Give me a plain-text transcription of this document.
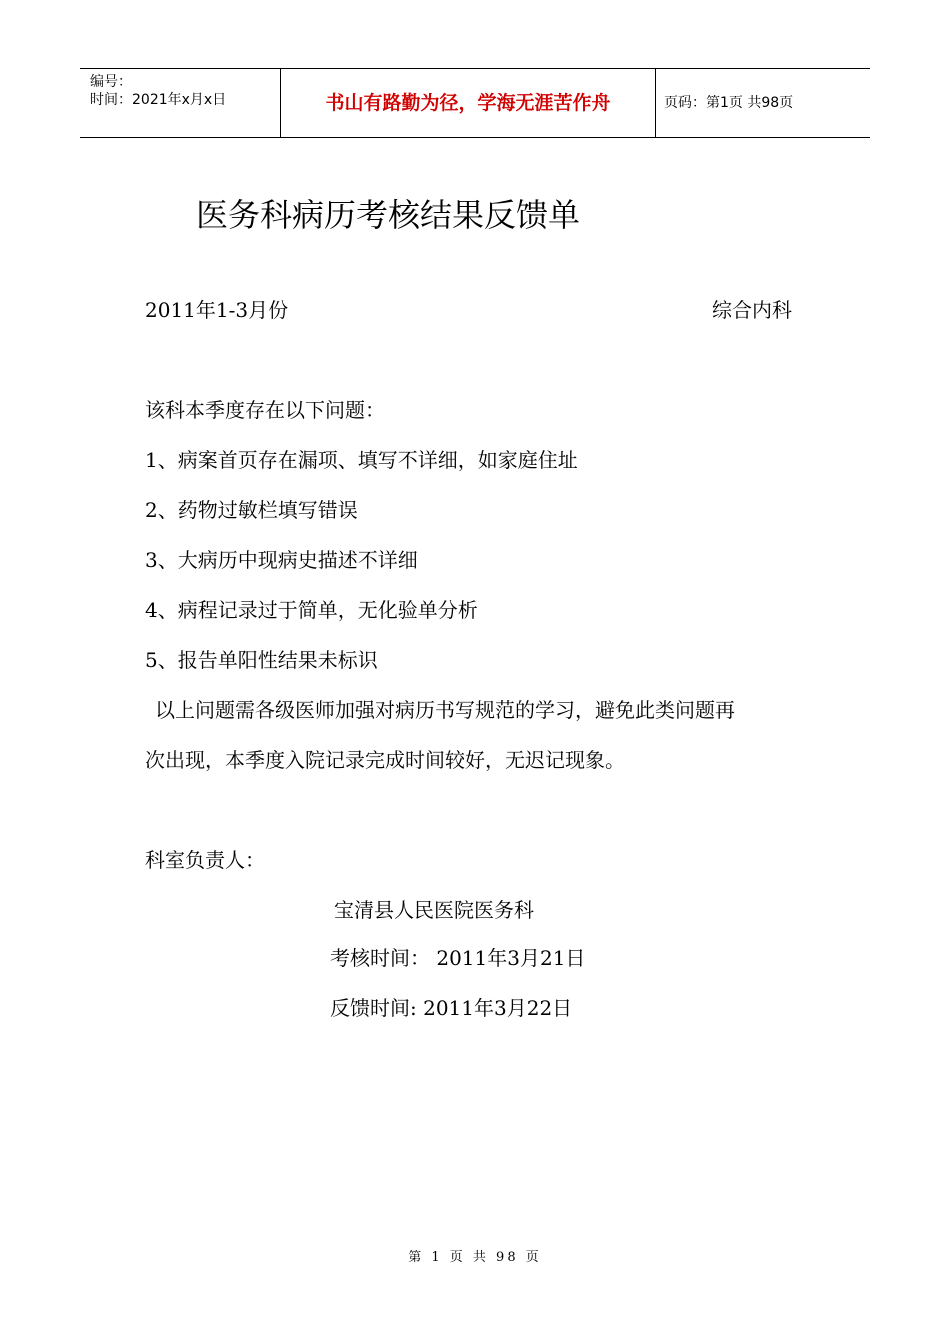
编号：
时间：2021年x月x日	书山有路勤为径，学海无涯苦作舟	页码：第1页 共98页
医务科病历考核结果反馈单
2011年1-3月份	综合内科
该科本季度存在以下问题：
1、病案首页存在漏项、填写不详细，如家庭住址
2、药物过敏栏填写错误
3、大病历中现病史描述不详细
4、病程记录过于简单，无化验单分析
5、报告单阳性结果未标识
以上问题需各级医师加强对病历书写规范的学习，避免此类问题再
次出现，本季度入院记录完成时间较好，无迟记现象。
科室负责人：
宝清县人民医院医务科
考核时间： 2011年3月21日
反馈时间: 2011年3月22日
第 1 页 共 98 页
